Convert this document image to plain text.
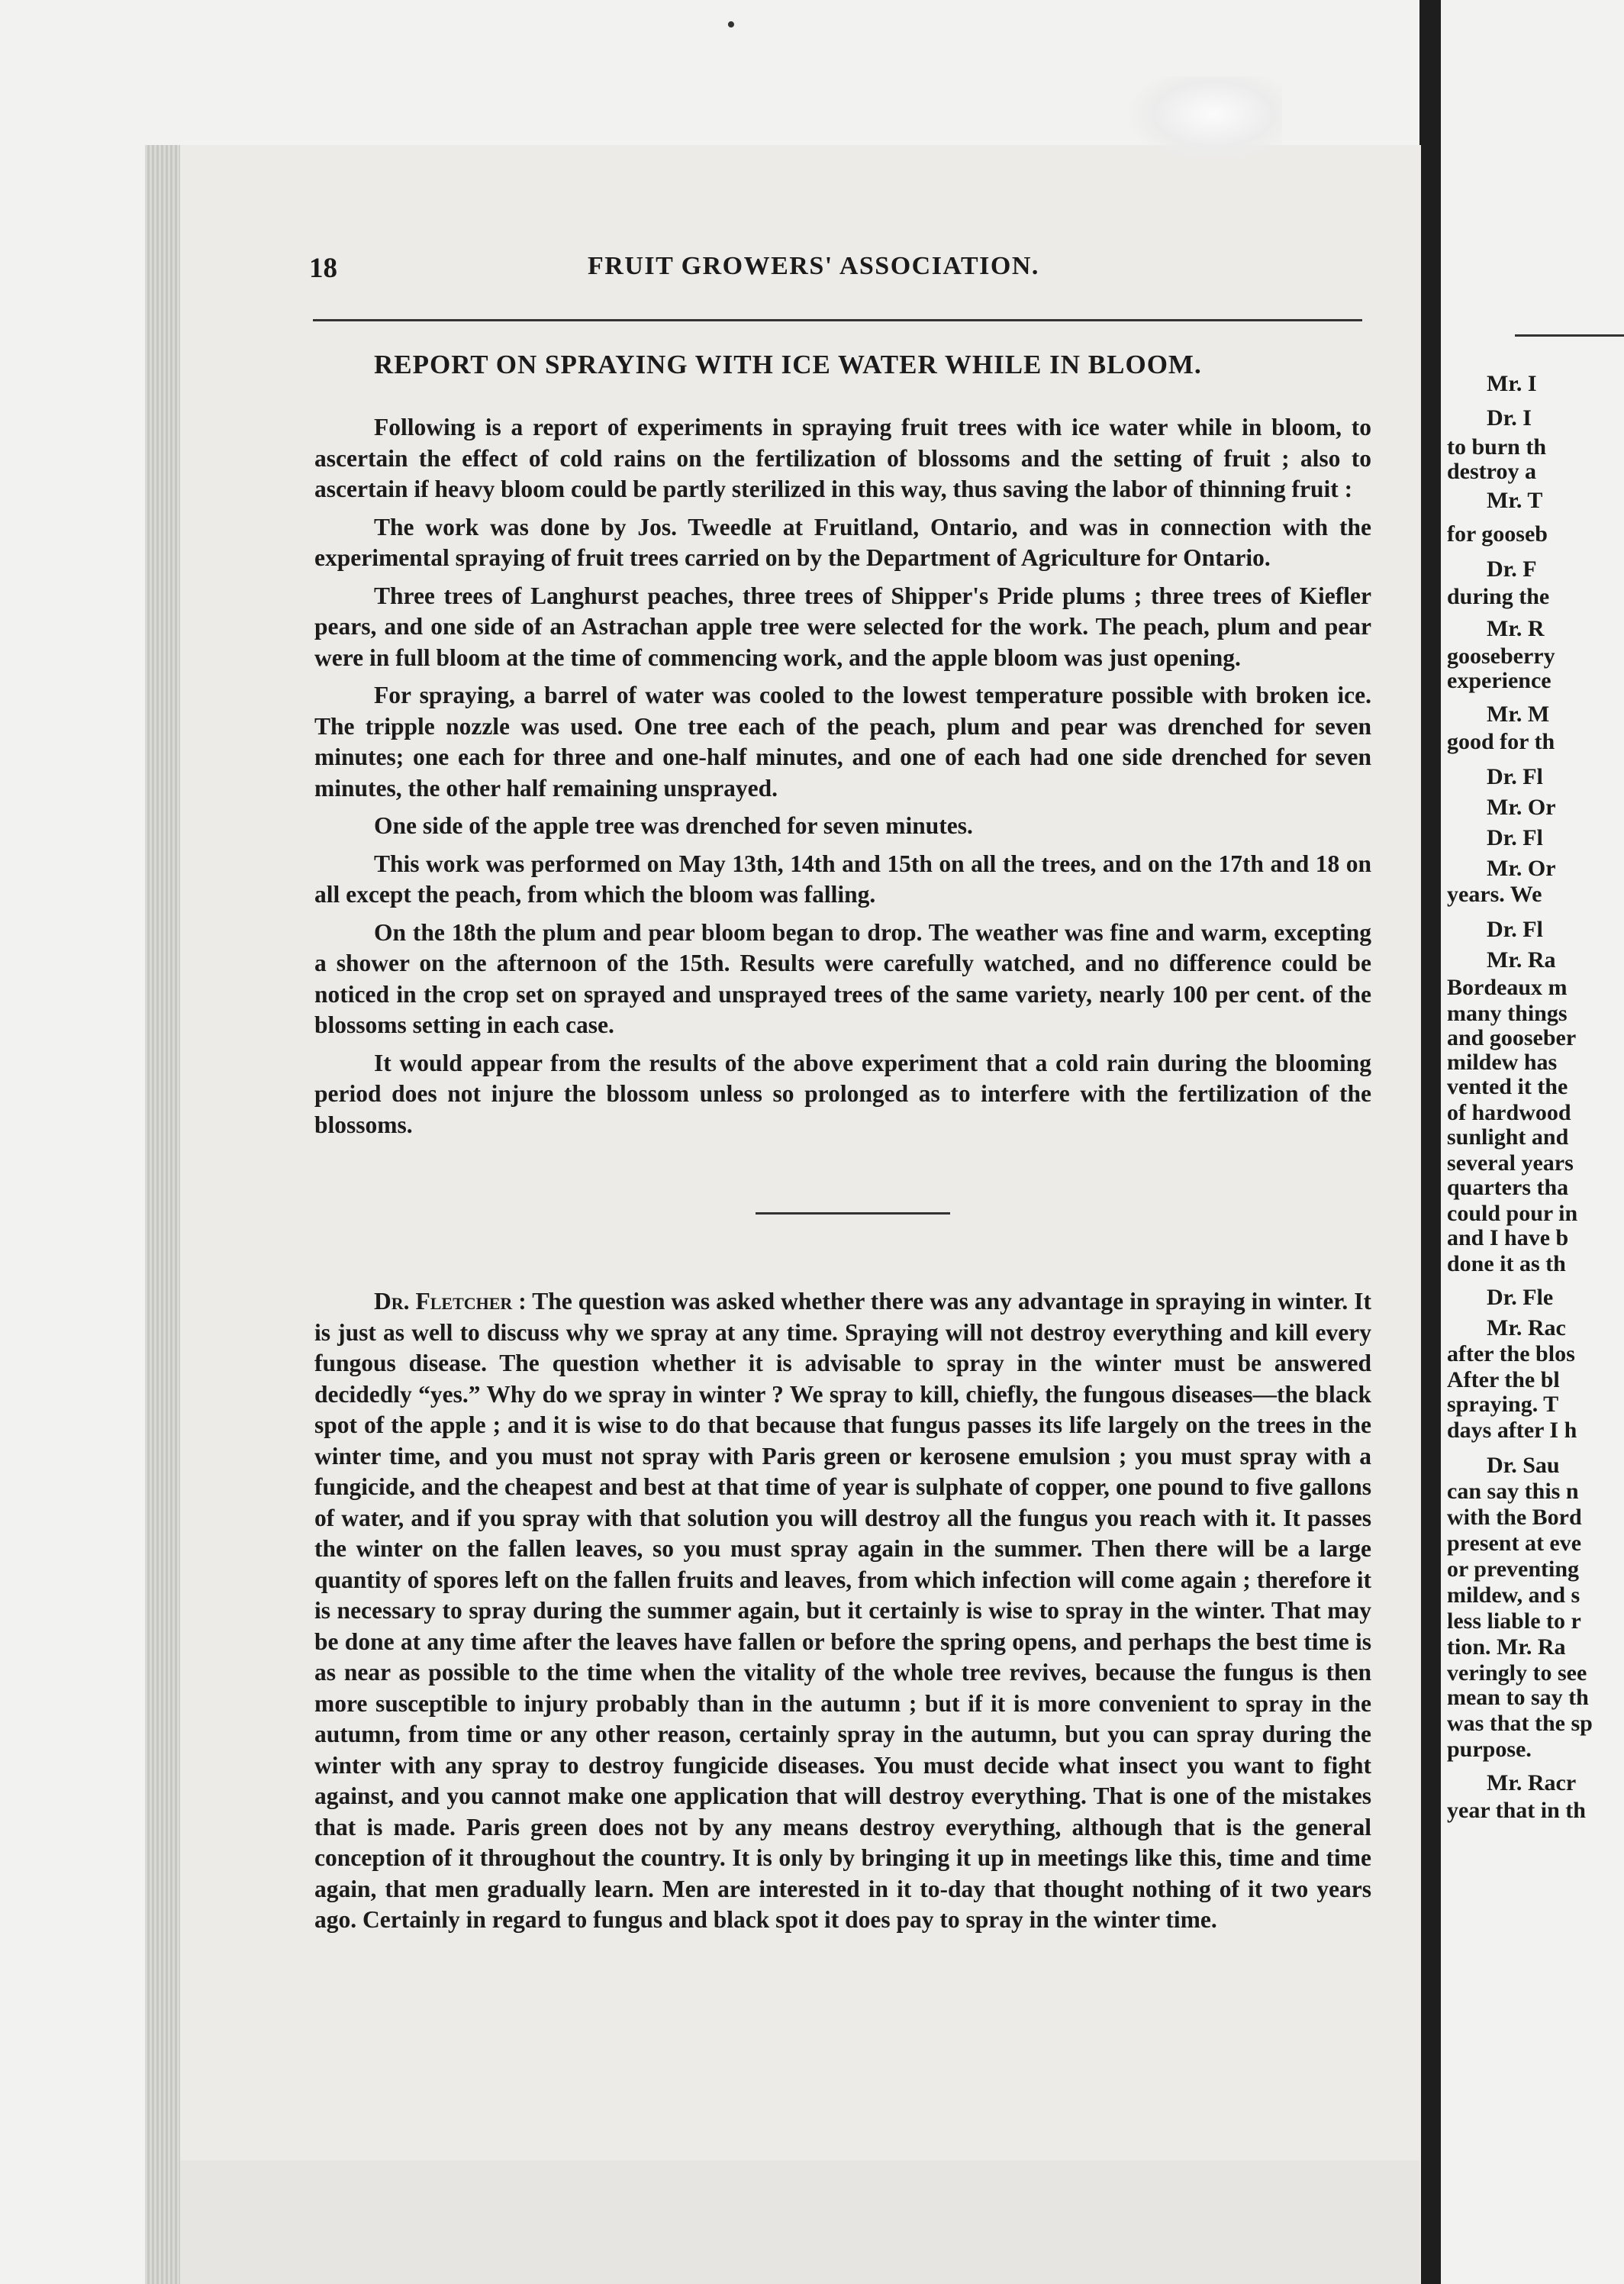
•
18	FRUIT GROWERS' ASSOCIATION.
REPORT ON SPRAYING WITH ICE WATER WHILE IN BLOOM.

Following is a report of experiments in spraying fruit trees with ice water while in bloom, to ascertain the effect of cold rains on the fertilization of blossoms and the setting of fruit ; also to ascertain if heavy bloom could be partly sterilized in this way, thus saving the labor of thinning fruit :

The work was done by Jos. Tweedle at Fruitland, Ontario, and was in connection with the experimental spraying of fruit trees carried on by the Department of Agriculture for Ontario.

Three trees of Langhurst peaches, three trees of Shipper's Pride plums ; three trees of Kiefler pears, and one side of an Astrachan apple tree were selected for the work. The peach, plum and pear were in full bloom at the time of commencing work, and the apple bloom was just opening.

For spraying, a barrel of water was cooled to the lowest temperature possible with broken ice. The tripple nozzle was used. One tree each of the peach, plum and pear was drenched for seven minutes; one each for three and one-half minutes, and one of each had one side drenched for seven minutes, the other half remaining unsprayed.

One side of the apple tree was drenched for seven minutes.

This work was performed on May 13th, 14th and 15th on all the trees, and on the 17th and 18 on all except the peach, from which the bloom was falling.

On the 18th the plum and pear bloom began to drop. The weather was fine and warm, excepting a shower on the afternoon of the 15th. Results were carefully watched, and no difference could be noticed in the crop set on sprayed and unsprayed trees of the same variety, nearly 100 per cent. of the blossoms setting in each case.

It would appear from the results of the above experiment that a cold rain during the blooming period does not injure the blossom unless so prolonged as to interfere with the fertilization of the blossoms.

Dr. Fletcher : The question was asked whether there was any advantage in spraying in winter. It is just as well to discuss why we spray at any time. Spraying will not destroy everything and kill every fungous disease. The question whether it is advisable to spray in the winter must be answered decidedly “yes.” Why do we spray in winter ? We spray to kill, chiefly, the fungous diseases—the black spot of the apple ; and it is wise to do that because that fungus passes its life largely on the trees in the winter time, and you must not spray with Paris green or kerosene emulsion ; you must spray with a fungicide, and the cheapest and best at that time of year is sulphate of copper, one pound to five gallons of water, and if you spray with that solution you will destroy all the fungus you reach with it. It passes the winter on the fallen leaves, so you must spray again in the summer. Then there will be a large quantity of spores left on the fallen fruits and leaves, from which infection will come again ; therefore it is necessary to spray during the summer again, but it certainly is wise to spray in the winter. That may be done at any time after the leaves have fallen or before the spring opens, and perhaps the best time is as near as possible to the time when the vitality of the whole tree revives, because the fungus is then more susceptible to injury probably than in the autumn ; but if it is more convenient to spray in the autumn, from time or any other reason, certainly spray in the autumn, but you can spray during the winter with any spray to destroy fungicide diseases. You must decide what insect you want to fight against, and you cannot make one application that will destroy everything. That is one of the mistakes that is made. Paris green does not by any means destroy everything, although that is the general conception of it throughout the country. It is only by bringing it up in meetings like this, time and time again, that men gradually learn. Men are interested in it to-day that thought nothing of it two years ago. Certainly in regard to fungus and black spot it does pay to spray in the winter time.

Mr. I
Dr. I
to burn th
destroy a
Mr. T
for gooseb
Dr. F
during the
Mr. R
gooseberry
experience
Mr. M
good for th
Dr. Fl
Mr. Or
Dr. Fl
Mr. Or
years. We
Dr. Fl
Mr. Ra
Bordeaux m
many things
and gooseber
mildew has
vented it the
of hardwood
sunlight and
several years
quarters tha
could pour in
and I have b
done it as th
Dr. Fle
Mr. Rac
after the blos
After the bl
spraying. T
days after I h
Dr. Sau
can say this n
with the Bord
present at eve
or preventing
mildew, and s
less liable to r
tion. Mr. Ra
veringly to see
mean to say th
was that the sp
purpose.
Mr. Racr
year that in th
